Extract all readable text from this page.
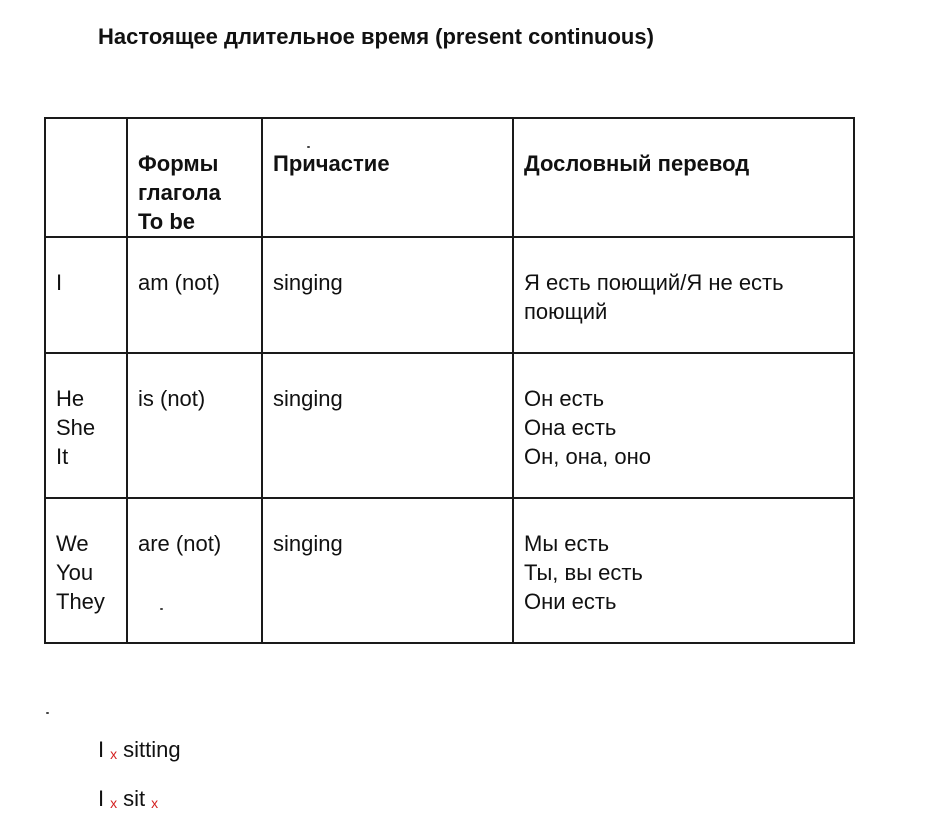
Настоящее длительное время (present continuous)

	Формы
глагола
To be	Причастие	Дословный перевод

I	am (not)	singing	Я есть поющий/Я не есть
поющий

He
She
It	is (not)	singing	Он есть
Она есть
Он, она, оно

We
You
They	are (not)	singing	Мы есть
Ты, вы есть
Они есть
Ix sitting
Ix sit x
